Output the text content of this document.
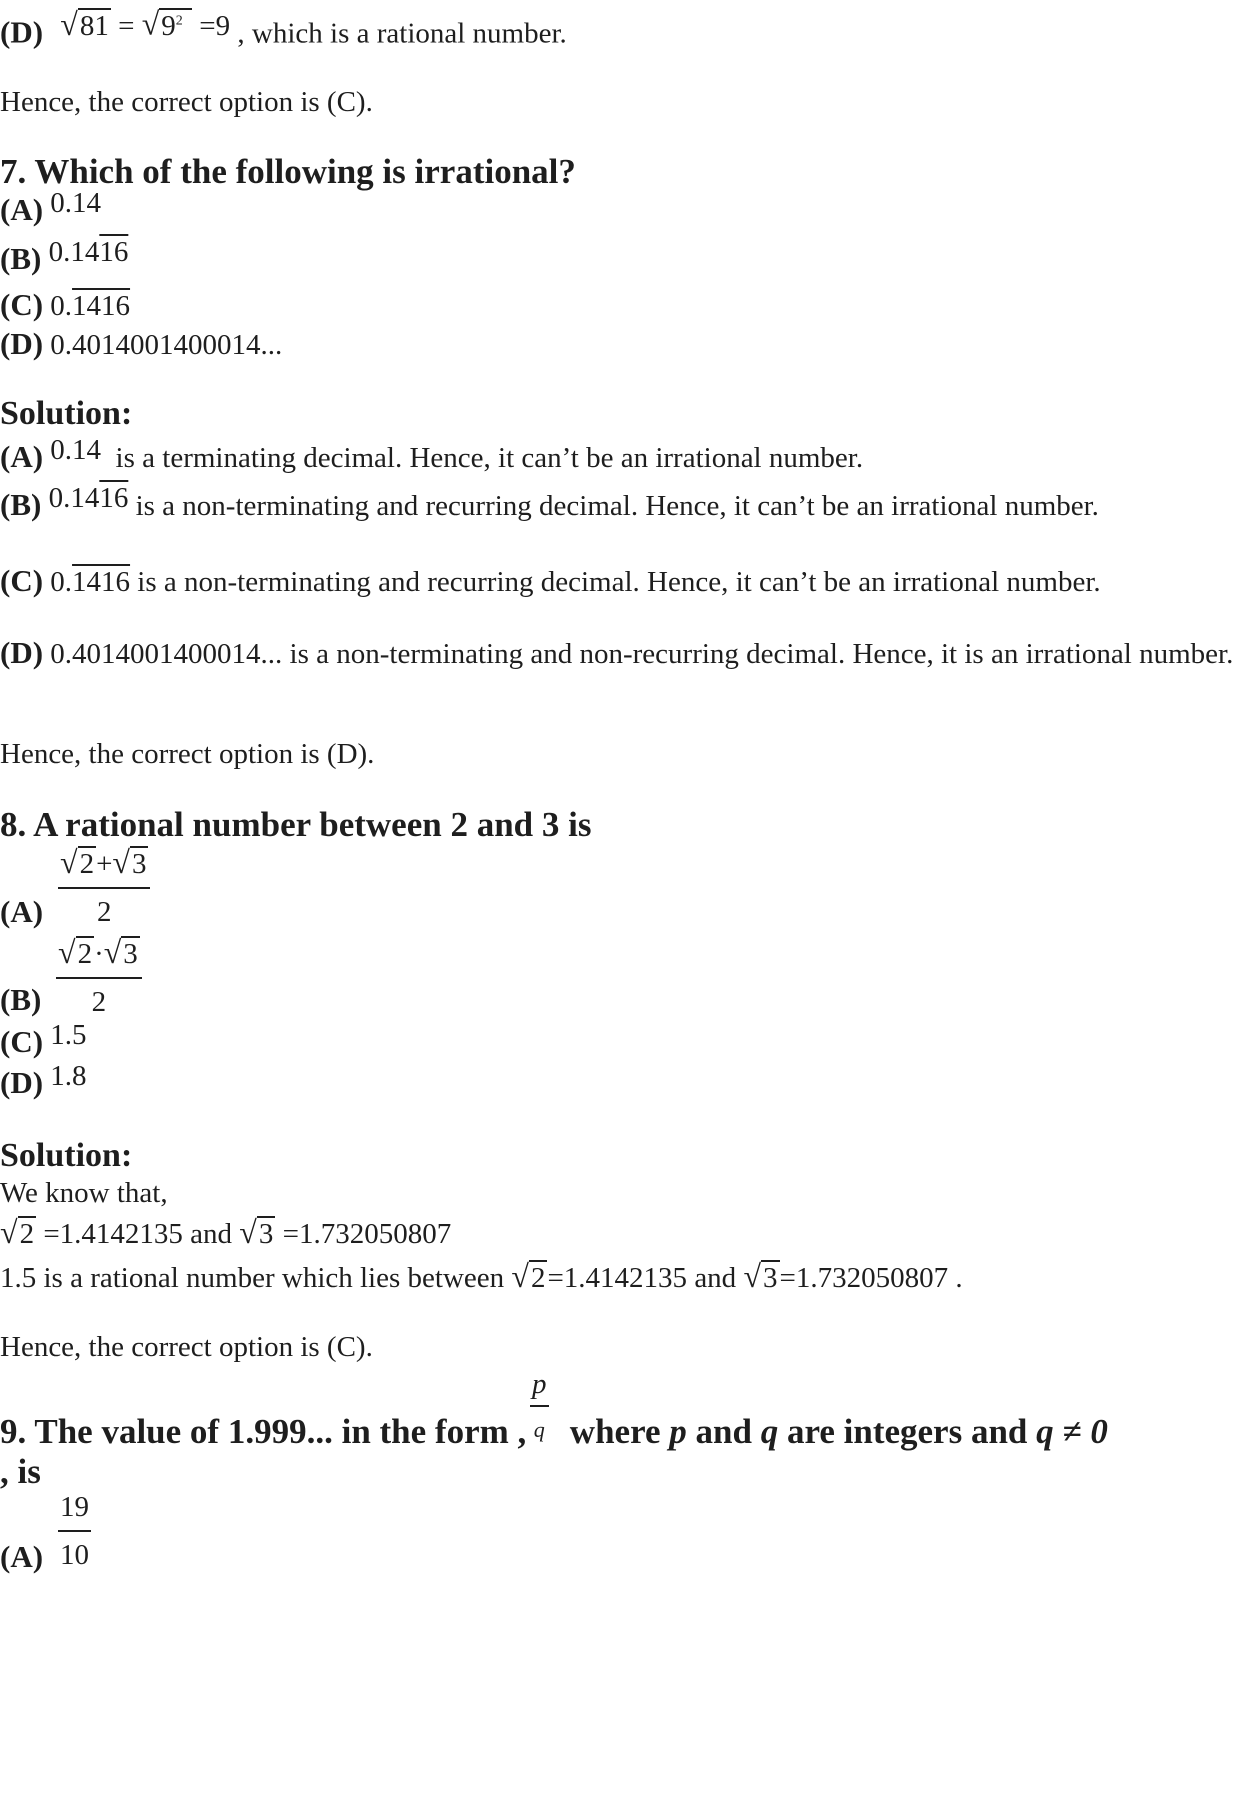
(D) $√81 = √9^2 =9$ , which is a rational number.
Hence, the correct option is (C).
7. Which of the following is irrational?
(A) 0.14
(B) 0.1416
(C) 0.1416
(D) 0.4014001400014...
Solution:
(A) 0.14 is a terminating decimal. Hence, it can’t be an irrational number.
(B) 0.1416 is a non-terminating and recurring decimal. Hence, it can’t be an irrational number.
(C) 0.1416 is a non-terminating and recurring decimal. Hence, it can’t be an irrational number.
(D) 0.4014001400014... is a non-terminating and non-recurring decimal. Hence, it is an irrational number.
Hence, the correct option is (D).
8. A rational number between 2 and 3 is
$(A) \frac{√2+√3}{2}$
$(B) \frac{√2\cdot√3}{2}$
(C) 1.5
(D) 1.8
Solution:
We know that,
√2 =1.4142135 and √3 =1.732050807
1.5 is a rational number which lies between √2=1.4142135 and √3=1.732050807 .
Hence, the correct option is (C).
9. The value of 1.999... in the form , where p and q are integers and q ≠ 0
p
q
, is
$(A) \frac{19}{10}$
